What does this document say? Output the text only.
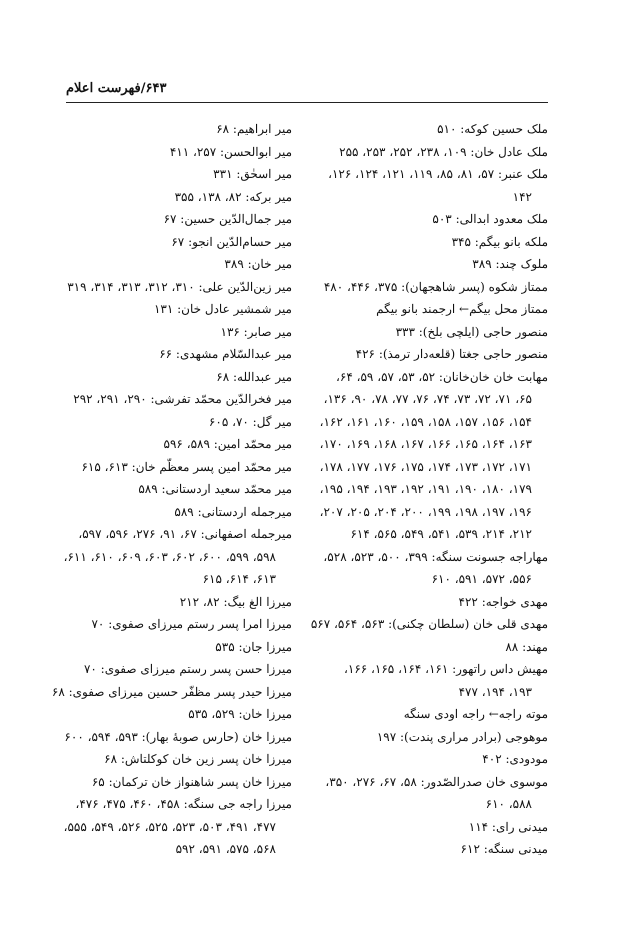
۶۴۳/فهرست اعلام
ملک حسین کوکه: ۵۱۰
ملک عادل خان: ۱۰۹، ۲۳۸، ۲۵۲، ۲۵۳، ۲۵۵
ملک عنبر: ۵۷، ۸۱، ۸۵، ۱۱۹، ۱۲۱، ۱۲۴، ۱۲۶،
۱۴۲
ملک معدود ابدالی: ۵۰۳
ملکه بانو بیگم: ۳۴۵
ملوک چند: ۳۸۹
ممتاز شکوه (پسر شاهجهان): ۳۷۵، ۴۴۶، ۴۸۰
ممتاز محل بیگم← ارجمند بانو بیگم
منصور حاجی (ایلچی بلخ): ۳۳۳
منصور حاجی جغتا (قلعه‌دار ترمذ): ۴۲۶
مهابت خان خان‌خانان: ۵۲، ۵۳، ۵۷، ۵۹، ۶۴،
۶۵، ۷۱، ۷۲، ۷۳، ۷۴، ۷۶، ۷۷، ۷۸، ۹۰، ۱۳۶،
۱۵۴، ۱۵۶، ۱۵۷، ۱۵۸، ۱۵۹، ۱۶۰، ۱۶۱، ۱۶۲،
۱۶۳، ۱۶۴، ۱۶۵، ۱۶۶، ۱۶۷، ۱۶۸، ۱۶۹، ۱۷۰،
۱۷۱، ۱۷۲، ۱۷۳، ۱۷۴، ۱۷۵، ۱۷۶، ۱۷۷، ۱۷۸،
۱۷۹، ۱۸۰، ۱۹۰، ۱۹۱، ۱۹۲، ۱۹۳، ۱۹۴، ۱۹۵،
۱۹۶، ۱۹۷، ۱۹۸، ۱۹۹، ۲۰۰، ۲۰۴، ۲۰۵، ۲۰۷،
۲۱۲، ۲۱۴، ۵۳۹، ۵۴۱، ۵۴۹، ۵۶۵، ۶۱۴
مهاراجه جسونت سنگه: ۳۹۹، ۵۰۰، ۵۲۳، ۵۲۸،
۵۵۶، ۵۷۲، ۵۹۱، ۶۱۰
مهدی خواجه: ۴۲۲
مهدی قلی خان (سلطان چکنی): ۵۶۳، ۵۶۴، ۵۶۷
مهند: ۸۸
مهیش داس راتهور: ۱۶۱، ۱۶۴، ۱۶۵، ۱۶۶،
۱۹۳، ۱۹۴، ۴۷۷
موته راجه← راجه اودی سنگه
موهوجی (برادر مراری پندت): ۱۹۷
مودودی: ۴۰۲
موسوی خان صدرالصّدور: ۵۸، ۶۷، ۲۷۶، ۳۵۰،
۵۸۸، ۶۱۰
میدنی رای: ۱۱۴
میدنی سنگه: ۶۱۲
میر ابراهیم: ۶۸
میر ابوالحسن: ۲۵۷، ۴۱۱
میر اسحٰق: ۳۳۱
میر برکه: ۸۲، ۱۳۸، ۳۵۵
میر جمال‌الدّین حسین: ۶۷
میر حسام‌الدّین انجو: ۶۷
میر خان: ۳۸۹
میر زین‌الدّین علی: ۳۱۰، ۳۱۲، ۳۱۳، ۳۱۴، ۳۱۹
میر شمشیر عادل خان: ۱۳۱
میر صابر: ۱۳۶
میر عبدالسّلام مشهدی: ۶۶
میر عبدالله: ۶۸
میر فخرالدّین محمّد تفرشی: ۲۹۰، ۲۹۱، ۲۹۲
میر گل: ۷۰، ۶۰۵
میر محمّد امین: ۵۸۹، ۵۹۶
میر محمّد امین پسر معظّم خان: ۶۱۳، ۶۱۵
میر محمّد سعید اردستانی: ۵۸۹
میرجمله اردستانی: ۵۸۹
میرجمله اصفهانی: ۶۷، ۹۱، ۲۷۶، ۵۹۶، ۵۹۷،
۵۹۸، ۵۹۹، ۶۰۰، ۶۰۲، ۶۰۳، ۶۰۹، ۶۱۰، ۶۱۱،
۶۱۳، ۶۱۴، ۶۱۵
میرزا الغ بیگ: ۸۲، ۲۱۲
میرزا امرا پسر رستم میرزای صفوی: ۷۰
میرزا جان: ۵۳۵
میرزا حسن پسر رستم میرزای صفوی: ۷۰
میرزا حیدر پسر مظفّر حسین میرزای صفوی: ۶۸
میرزا خان: ۵۲۹، ۵۳۵
میرزا خان (حارس صوبهٔ بهار): ۵۹۳، ۵۹۴، ۶۰۰
میرزا خان پسر زین خان کوکلتاش: ۶۸
میرزا خان پسر شاهنواز خان ترکمان: ۶۵
میرزا راجه جی سنگه: ۴۵۸، ۴۶۰، ۴۷۵، ۴۷۶،
۴۷۷، ۴۹۱، ۵۰۳، ۵۲۳، ۵۲۵، ۵۲۶، ۵۴۹، ۵۵۵،
۵۶۸، ۵۷۵، ۵۹۱، ۵۹۲
